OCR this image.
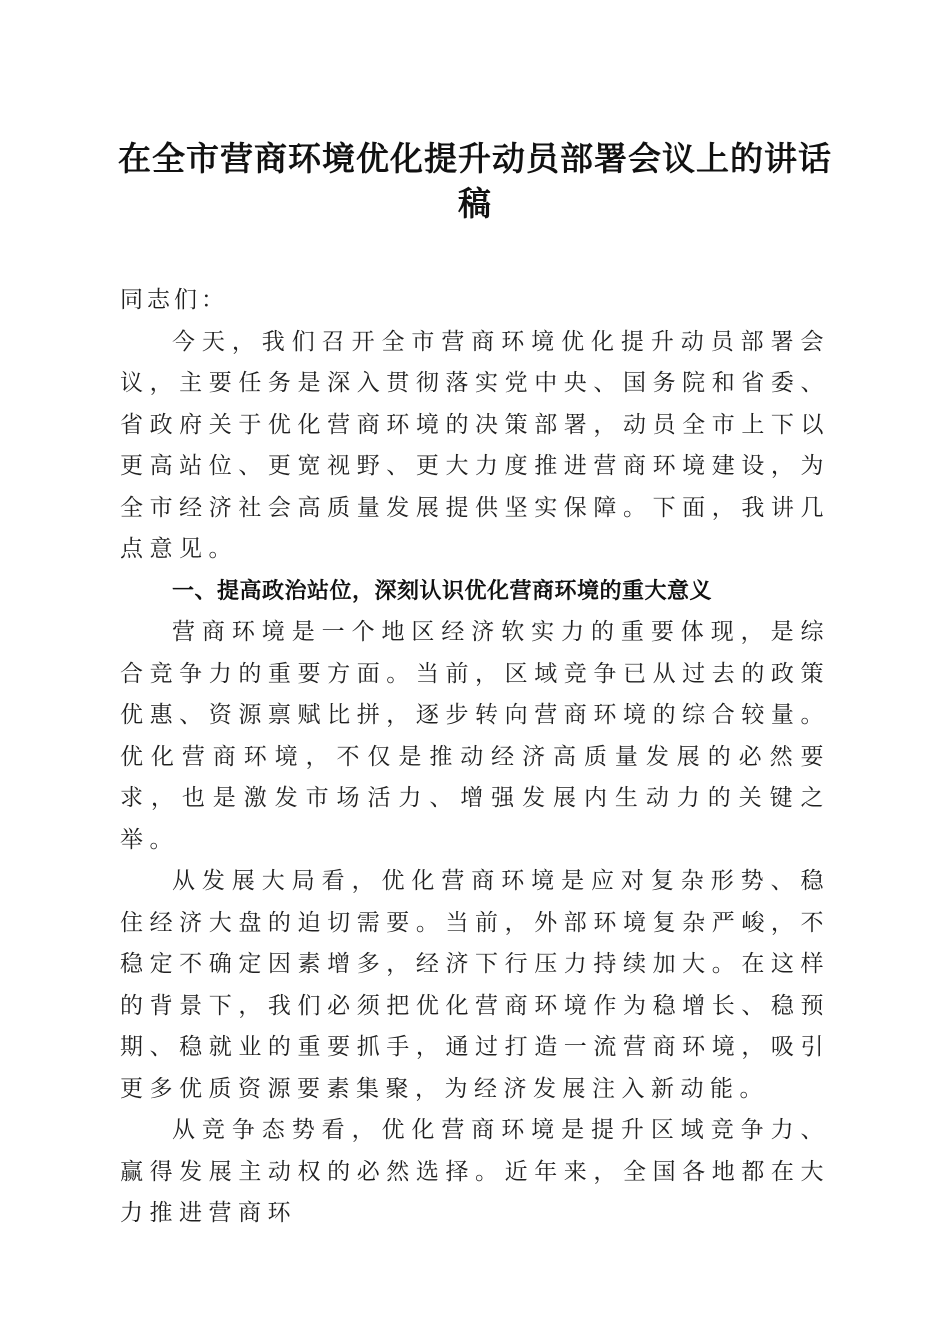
在全市营商环境优化提升动员部署会议上的讲话稿

同志们：

今天，我们召开全市营商环境优化提升动员部署会议，主要任务是深入贯彻落实党中央、国务院和省委、省政府关于优化营商环境的决策部署，动员全市上下以更高站位、更宽视野、更大力度推进营商环境建设，为全市经济社会高质量发展提供坚实保障。下面，我讲几点意见。

一、提高政治站位，深刻认识优化营商环境的重大意义

营商环境是一个地区经济软实力的重要体现，是综合竞争力的重要方面。当前，区域竞争已从过去的政策优惠、资源禀赋比拼，逐步转向营商环境的综合较量。优化营商环境，不仅是推动经济高质量发展的必然要求，也是激发市场活力、增强发展内生动力的关键之举。

从发展大局看，优化营商环境是应对复杂形势、稳住经济大盘的迫切需要。当前，外部环境复杂严峻，不稳定不确定因素增多，经济下行压力持续加大。在这样的背景下，我们必须把优化营商环境作为稳增长、稳预期、稳就业的重要抓手，通过打造一流营商环境，吸引更多优质资源要素集聚，为经济发展注入新动能。

从竞争态势看，优化营商环境是提升区域竞争力、赢得发展主动权的必然选择。近年来，全国各地都在大力推进营商环
